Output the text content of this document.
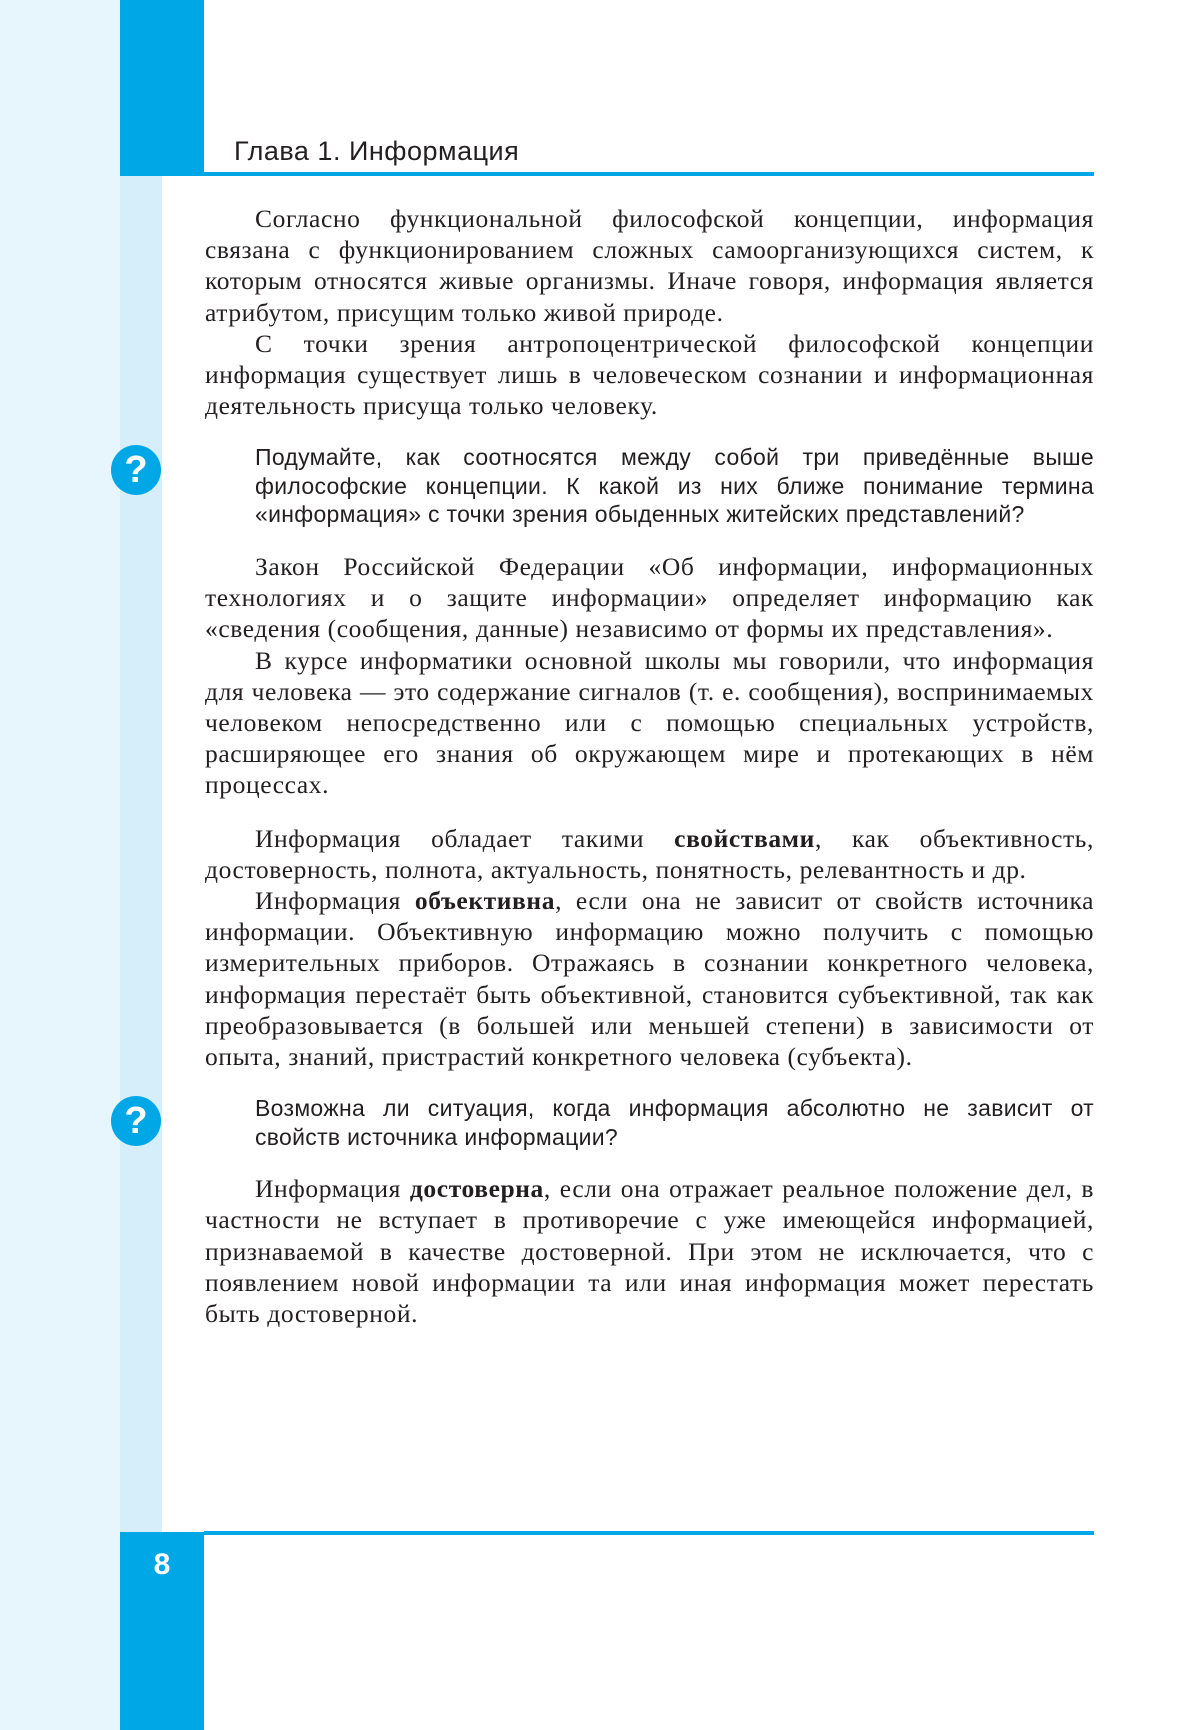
Глава 1. Информация

Согласно функциональной философской концепции, информация связана с функционированием сложных самоорганизующихся систем, к которым относятся живые организмы. Иначе говоря, информация является атрибутом, присущим только живой природе.

С точки зрения антропоцентрической философской концепции информация существует лишь в человеческом сознании и информационная деятельность присуща только человеку.

?	Подумайте, как соотносятся между собой три приведённые выше философские концепции. К какой из них ближе понимание термина «информация» с точки зрения обыденных житейских представлений?

Закон Российской Федерации «Об информации, информационных технологиях и о защите информации» определяет информацию как «сведения (сообщения, данные) независимо от формы их представления».

В курсе информатики основной школы мы говорили, что информация для человека — это содержание сигналов (т. е. сообщения), воспринимаемых человеком непосредственно или с помощью специальных устройств, расширяющее его знания об окружающем мире и протекающих в нём процессах.

Информация обладает такими свойствами, как объективность, достоверность, полнота, актуальность, понятность, релевантность и др.

Информация объективна, если она не зависит от свойств источника информации. Объективную информацию можно получить с помощью измерительных приборов. Отражаясь в сознании конкретного человека, информация перестаёт быть объективной, становится субъективной, так как преобразовывается (в большей или меньшей степени) в зависимости от опыта, знаний, пристрастий конкретного человека (субъекта).

?	Возможна ли ситуация, когда информация абсолютно не зависит от свойств источника информации?

Информация достоверна, если она отражает реальное положение дел, в частности не вступает в противоречие с уже имеющейся информацией, признаваемой в качестве достоверной. При этом не исключается, что с появлением новой информации та или иная информация может перестать быть достоверной.

8
